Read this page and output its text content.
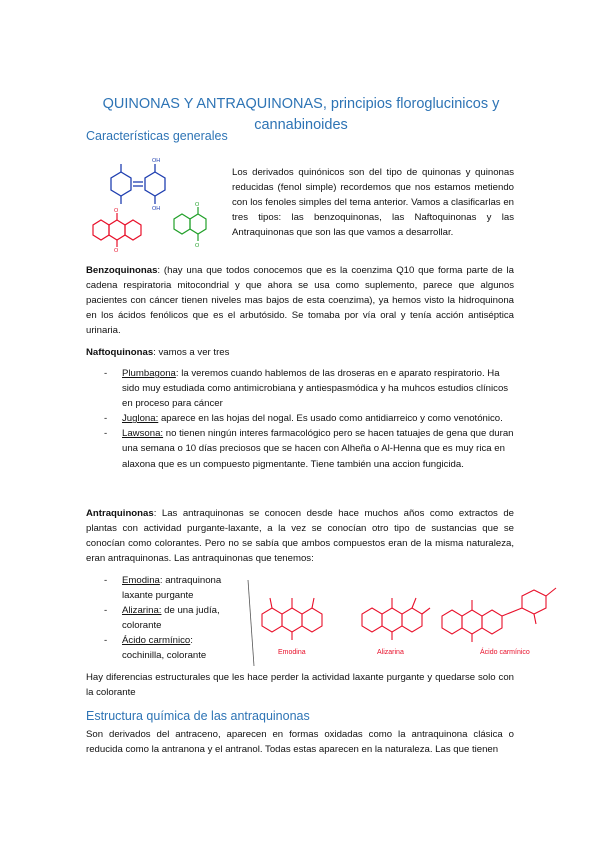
QUINONAS Y ANTRAQUINONAS, principios floroglucinicos y cannabinoides
Características generales
OH
OH
O
O
O
O

Los derivados quinónicos son del tipo de quinonas y quinonas reducidas (fenol simple) recordemos que nos estamos metiendo con los fenoles simples del tema anterior. Vamos a clasificarlas en tres tipos: las benzoquinonas, las Naftoquinonas y las Antraquinonas que son las que vamos a desarrollar.

Benzoquinonas: (hay una que todos conocemos que es la coenzima Q10 que forma parte de la cadena respiratoria mitocondrial y que ahora se usa como suplemento, parece que algunos pacientes con cáncer tienen niveles mas bajos de esta coenzima), ya hemos visto la hidroquinona en los ácidos fenólicos que es el arbutósido. Se tomaba por vía oral y tenía acción antiséptica urinaria.

Naftoquinonas: vamos a ver tres

- Plumbagona: la veremos cuando hablemos de las droseras en e aparato respiratorio. Ha sido muy estudiada como antimicrobiana y antiespasmódica y ha muhcos estudios clínicos en proceso para cáncer
- Juglona: aparece en las hojas del nogal. Es usado como antidiarreico y como venotónico.
- Lawsona: no tienen ningún interes farmacológico pero se hacen tatuajes de gena que duran una semana o 10 días preciosos que se hacen con Alheña o Al-Henna que es muy rica en alaxona que es un compuesto pigmentante. Tiene también una accion fungicida.

Antraquinonas: Las antraquinonas se conocen desde hace muchos años como extractos de plantas con actividad purgante-laxante, a la vez se conocían otro tipo de sustancias que se conocían como colorantes. Pero no se sabía que ambos compuestos eran de la misma naturaleza, eran antraquinonas. Las antraquinonas que tenemos:

- Emodina: antraquinona laxante purgante
- Alizarina: de una judía, colorante
- Ácido carmínico: cochinilla, colorante	Emodina	Alizarina	Ácido carmínico

Hay diferencias estructurales que les hace perder la actividad laxante purgante y quedarse solo con la colorante

Estructura química de las antraquinonas

Son derivados del antraceno, aparecen en formas oxidadas como la antraquinona clásica o reducida como la antranona y el antranol. Todas estas aparecen en la naturaleza. Las que tienen
